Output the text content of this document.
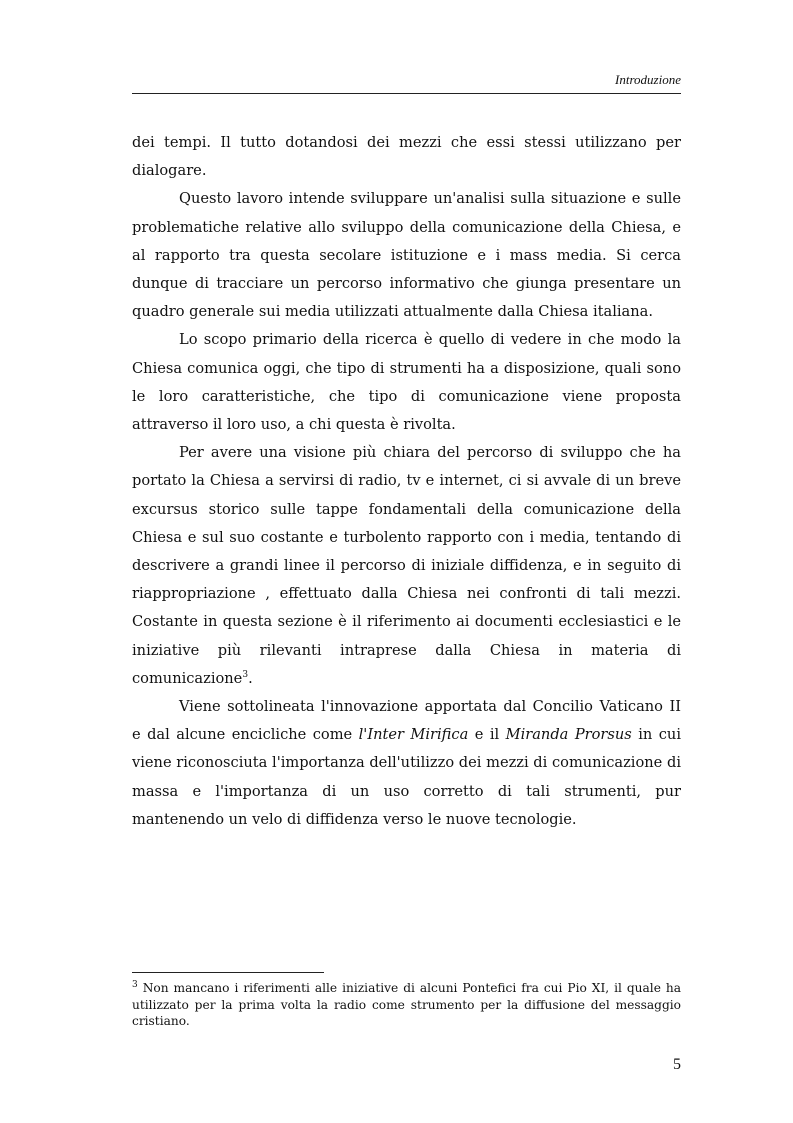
Introduzione

dei tempi. Il tutto dotandosi dei mezzi che essi stessi utilizzano per dialogare.

Questo lavoro intende sviluppare un'analisi sulla situazione e sulle problematiche relative allo sviluppo della comunicazione della Chiesa, e al rapporto tra questa secolare istituzione e i mass media. Si cerca dunque di tracciare un percorso informativo che giunga presentare un quadro generale sui media utilizzati attualmente dalla Chiesa italiana.

Lo scopo primario della ricerca è quello di vedere in che modo la Chiesa comunica oggi, che tipo di strumenti ha a disposizione, quali sono le loro caratteristiche, che tipo di comunicazione viene proposta attraverso il loro uso, a chi questa è rivolta.

Per avere una visione più chiara del percorso di sviluppo che ha portato la Chiesa a servirsi di radio, tv e internet, ci si avvale di un breve excursus storico sulle tappe fondamentali della comunicazione della Chiesa e sul suo costante e turbolento rapporto con i media, tentando di descrivere a grandi linee il percorso di iniziale diffidenza, e in seguito di riappropriazione , effettuato dalla Chiesa nei confronti di tali mezzi. Costante in questa sezione è il riferimento ai documenti ecclesiastici e le iniziative più rilevanti intraprese dalla Chiesa in materia di comunicazione$^3$.

Viene sottolineata l'innovazione apportata dal Concilio Vaticano II e dal alcune encicliche come l'Inter Mirifica e il Miranda Prorsus in cui viene riconosciuta l'importanza dell'utilizzo dei mezzi di comunicazione di massa e l'importanza di un uso corretto di tali strumenti, pur mantenendo un velo di diffidenza verso le nuove tecnologie.

$^3$ Non mancano i riferimenti alle iniziative di alcuni Pontefici fra cui Pio XI, il quale ha utilizzato per la prima volta la radio come strumento per la diffusione del messaggio cristiano.
5
